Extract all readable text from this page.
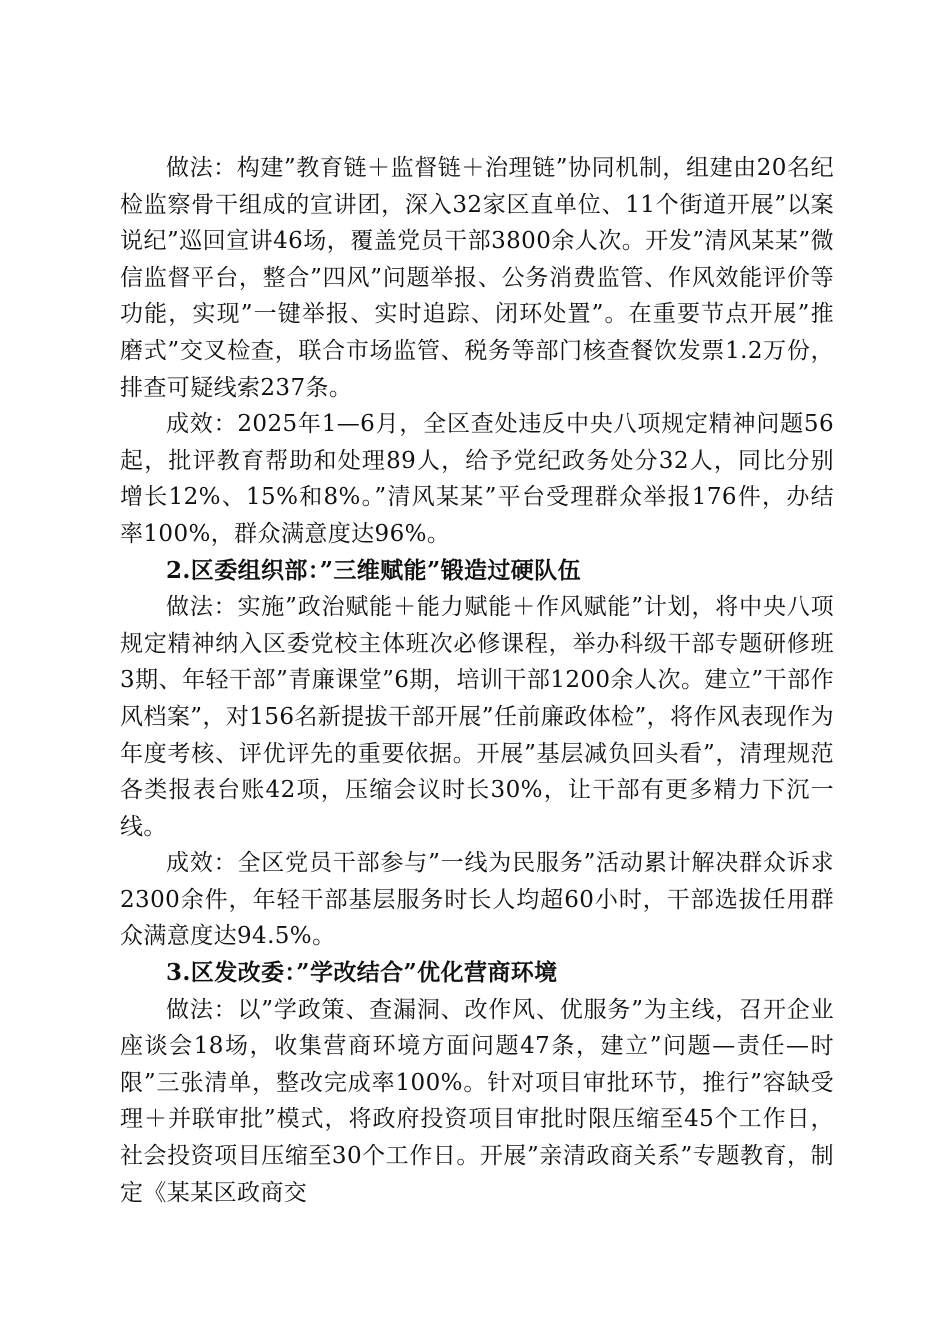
做法：构建”教育链＋监督链＋治理链”协同机制，组建由20名纪检监察骨干组成的宣讲团，深入32家区直单位、11个街道开展”以案说纪”巡回宣讲46场，覆盖党员干部3800余人次。开发”清风某某”微信监督平台，整合”四风”问题举报、公务消费监管、作风效能评价等功能，实现”一键举报、实时追踪、闭环处置”。在重要节点开展”推磨式”交叉检查，联合市场监管、税务等部门核查餐饮发票1.2万份，排查可疑线索237条。

成效：2025年1—6月，全区查处违反中央八项规定精神问题56起，批评教育帮助和处理89人，给予党纪政务处分32人，同比分别增长12%、15%和8%。”清风某某”平台受理群众举报176件，办结率100%，群众满意度达96%。

2.区委组织部：”三维赋能”锻造过硬队伍

做法：实施”政治赋能＋能力赋能＋作风赋能”计划，将中央八项规定精神纳入区委党校主体班次必修课程，举办科级干部专题研修班3期、年轻干部”青廉课堂”6期，培训干部1200余人次。建立”干部作风档案”，对156名新提拔干部开展”任前廉政体检”，将作风表现作为年度考核、评优评先的重要依据。开展”基层减负回头看”，清理规范各类报表台账42项，压缩会议时长30%，让干部有更多精力下沉一线。

成效：全区党员干部参与”一线为民服务”活动累计解决群众诉求2300余件，年轻干部基层服务时长人均超60小时，干部选拔任用群众满意度达94.5%。

3.区发改委：”学改结合”优化营商环境

做法：以”学政策、查漏洞、改作风、优服务”为主线，召开企业座谈会18场，收集营商环境方面问题47条，建立”问题—责任—时限”三张清单，整改完成率100%。针对项目审批环节，推行”容缺受理＋并联审批”模式，将政府投资项目审批时限压缩至45个工作日，社会投资项目压缩至30个工作日。开展”亲清政商关系”专题教育，制定《某某区政商交
